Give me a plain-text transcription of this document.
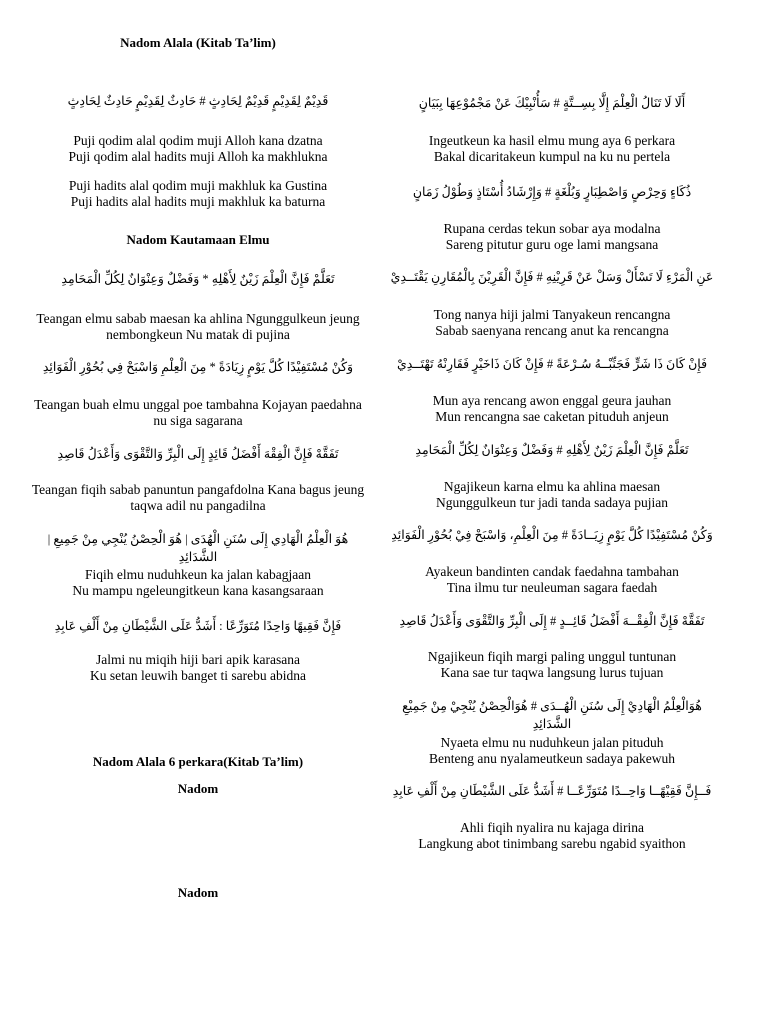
Nadom Alala (Kitab Ta’lim)
قَدِيْمٌ لِقَدِيْمٍ قَدِيْمٌ لِحَادِثٍ # حَادِثٌ لِقَدِيْمٍ حَادِثٌ لِحَادِثٍ
Puji qodim alal qodim muji Alloh kana dzatna
Puji qodim alal hadits muji Alloh ka makhlukna
Puji hadits alal qodim muji makhluk ka Gustina
Puji hadits alal hadits muji makhluk ka baturna
Nadom Kautamaan Elmu
تَعَلَّمْ فَإِنَّ الْعِلْمَ زَيْنٌ لِأَهْلِهِ * وَفَضْلٌ وَعِنْوَانٌ لِكُلِّ الْمَحَامِدِ
Teangan elmu sabab maesan ka ahlina Ngunggulkeun jeung nembongkeun Nu matak di pujina
وَكُنْ مُسْتَفِيْدًا كُلَّ يَوْمٍ زِيَادَةً * مِنَ الْعِلْمِ وَاسْبَحْ فِي بُحُوْرِ الْفَوَائِدِ
Teangan buah elmu unggal poe tambahna Kojayan paedahna nu siga sagarana
تَفَقَّهْ فَإِنَّ الْفِقْهَ أَفْضَلُ قَائِدٍ إِلَى الْبِرِّ وَالتَّقْوَى وَأَعْدَلُ قَاصِدِ
Teangan fiqih sabab panuntun pangafdolna Kana bagus jeung taqwa adil nu pangadilna
هُوَ الْعِلْمُ الْهَادِي إِلَى سُنَنِ الْهُدَى | هُوَ الْحِصْنُ يُنْجِي مِنْ جَمِيعِ | الشَّدَائِدِ
Fiqih elmu nuduhkeun ka jalan kabagjaan
Nu mampu ngeleungitkeun kana kasangsaraan
فَإِنَّ فَقِيهًا وَاحِدًا مُتَوَرِّعًا : أَشَدُّ عَلَى الشَّيْطَانِ مِنْ أَلْفِ عَابِدِ
Jalmi nu miqih hiji bari apik karasana
Ku setan leuwih banget ti sarebu abidna
Nadom Alala 6 perkara(Kitab Ta’lim)
Nadom
Nadom
أَلَا لَا تَنَالُ الْعِلْمَ إِلَّا بِسِــتَّةٍ # سَأُنْبِيْكَ عَنْ مَجْمُوْعِهَا بِبَيَانٍ
Ingeutkeun ka hasil elmu mung aya 6 perkara
Bakal dicaritakeun kumpul na ku nu pertela
ذُكَاءٍ وَحِرْصٍ وَاصْطِبَارٍ وَبُلْغَةٍ # وَإِرْشَادُ أُسْتَاذٍ وَطُوْلُ زَمَانٍ
Rupana cerdas tekun sobar aya modalna
Sareng pitutur guru oge lami mangsana
عَنِ الْمَرْءِ لَا تَسْأَلْ وَسَلْ عَنْ قَرِيْنِهِ # فَإِنَّ الْقَرِيْنَ بِالْمُقَارِنِ يَقْتَــدِيْ
Tong nanya hiji jalmi Tanyakeun rencangna
Sabab saenyana rencang anut ka rencangna
فَإِنْ كَانَ ذَا شَرٍّ فَجَنِّبْــهُ سُـرْعَةً # فَإِنْ كَانَ ذَاخَيْرٍ فَقَارِنْهُ تَهْتَــدِيْ
Mun aya rencang awon enggal geura jauhan
Mun rencangna sae caketan pituduh anjeun
تَعَلَّمْ فَإِنَّ الْعِلْمَ زَيْنٌ لِأَهْلِهِ # وَفَضْلٌ وَعِنْوَانٌ لِكُلِّ الْمَحَامِدِ
Ngajikeun karna elmu ka ahlina maesan
Ngunggulkeun tur jadi tanda sadaya pujian
وَكُنْ مُسْتَفِيْدًا كُلَّ يَوْمٍ زِيَــادَةً # مِنَ الْعِلْمِ، وَاسْبَحْ فِيْ بُحُوْرِ الْفَوَائِدِ
Ayakeun bandinten candak faedahna tambahan
Tina ilmu tur neuleuman sagara faedah
تَفَقَّهْ فَإِنَّ الْفِقْــهَ أَفْضَلُ قَائِــدٍ # إِلَى الْبِرِّ وَالتَّقْوَى وَأَعْدَلُ قَاصِدِ
Ngajikeun fiqih margi paling unggul tuntunan
Kana sae tur taqwa langsung lurus tujuan
هُوَالْعِلْمُ الْهَادِيْ إِلَى سُنَنِ الْهُــدَى # هُوَالْحِصْنُ يُنْجِيْ مِنْ جَمِيْعِ الشَّدَائِدِ
Nyaeta elmu nu nuduhkeun jalan pituduh
Benteng anu nyalameutkeun sadaya pakewuh
فَــإِنَّ فَقِيْهًــا وَاحِــدًا مُتَوَرِّعًــا # أَشَدُّ عَلَى الشَّيْطَانِ مِنْ أَلْفِ عَابِدِ
Ahli fiqih nyalira nu kajaga dirina
Langkung abot tinimbang sarebu ngabid syaithon
